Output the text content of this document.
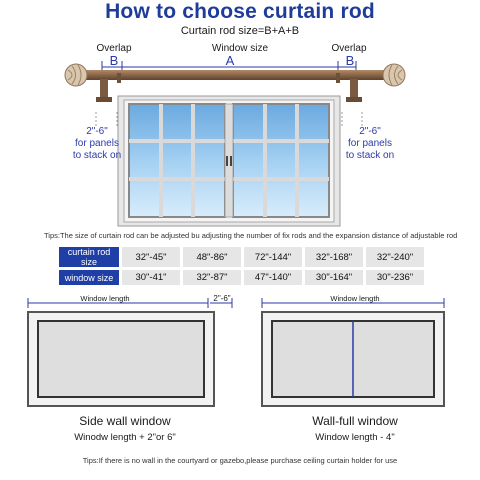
How to choose curtain rod
Curtain rod size=B+A+B
Overlap	Overlap
Window size
B	A	B
2"-6"
for panels
to stack on
2"-6"
for panels
to stack on
Tips:The size of curtain rod can be adjusted bu adjusting the number of fix rods and the expansion distance of adjustable rod
curtain rod size	32"-45"	48"-86"	72"-144"	32"-168"	32"-240"
window size	30"-41"	32"-87"	47"-140"	30"-164"	30"-236"
Window length	2"-6"	Window length
Side wall window
Winodw length + 2"or 6"
Wall-full window
Window length - 4"
Tips:If there is no wall in the courtyard or gazebo,please purchase ceiling curtain holder for use
